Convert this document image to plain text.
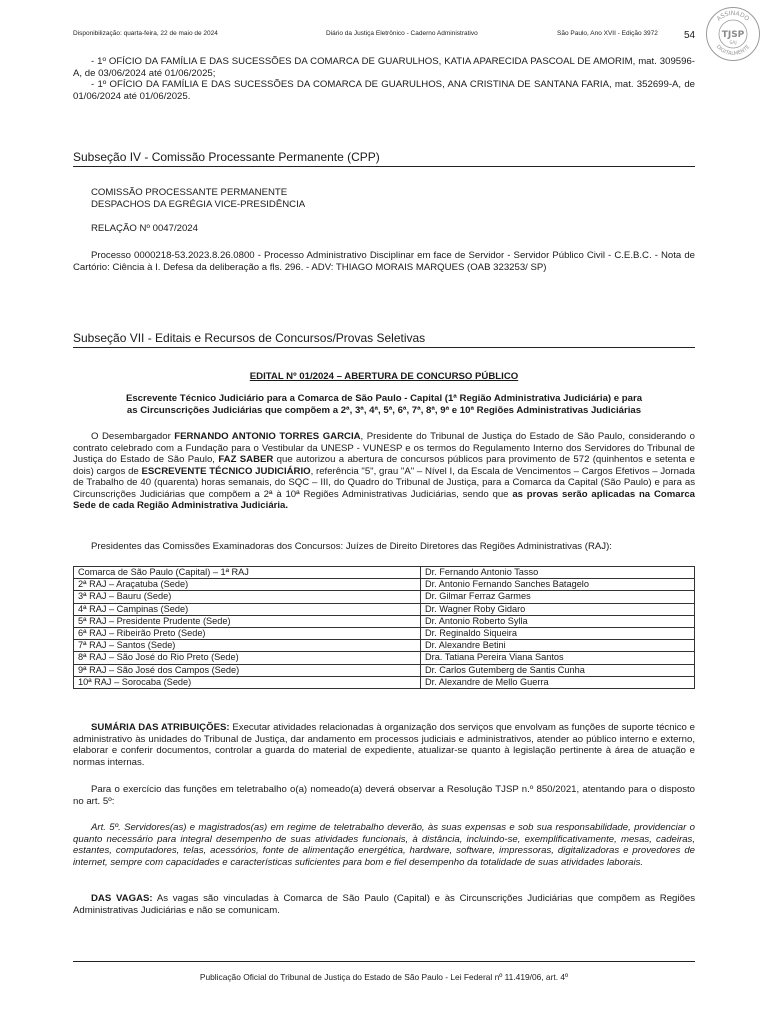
Disponibilização: quarta-feira, 22 de maio de 2024	Diário da Justiça Eletrônico - Caderno Administrativo	São Paulo, Ano XVII - Edição 3972	54

- 1º OFÍCIO DA FAMÍLIA E DAS SUCESSÕES DA COMARCA DE GUARULHOS, KATIA APARECIDA PASCOAL DE AMORIM, mat. 309596-A, de 03/06/2024 até 01/06/2025;

- 1º OFÍCIO DA FAMÍLIA E DAS SUCESSÕES DA COMARCA DE GUARULHOS, ANA CRISTINA DE SANTANA FARIA, mat. 352699-A, de 01/06/2024 até 01/06/2025.

Subseção IV - Comissão Processante Permanente (CPP)

COMISSÃO PROCESSANTE PERMANENTE

DESPACHOS DA EGRÉGIA VICE-PRESIDÊNCIA

RELAÇÃO Nº 0047/2024

Processo 0000218-53.2023.8.26.0800 - Processo Administrativo Disciplinar em face de Servidor - Servidor Público Civil - C.E.B.C. - Nota de Cartório: Ciência à I. Defesa da deliberação a fls. 296. - ADV: THIAGO MORAIS MARQUES (OAB 323253/ SP)

Subseção VII - Editais e Recursos de Concursos/Provas Seletivas

EDITAL Nº 01/2024 – ABERTURA DE CONCURSO PÚBLICO

Escrevente Técnico Judiciário para a Comarca de São Paulo - Capital (1ª Região Administrativa Judiciária) e para

as Circunscrições Judiciárias que compõem a 2ª, 3ª, 4ª, 5ª, 6ª, 7ª, 8ª, 9ª e 10ª Regiões Administrativas Judiciárias

O Desembargador FERNANDO ANTONIO TORRES GARCIA, Presidente do Tribunal de Justiça do Estado de São Paulo, considerando o contrato celebrado com a Fundação para o Vestibular da UNESP - VUNESP e os termos do Regulamento Interno dos Servidores do Tribunal de Justiça do Estado de São Paulo, FAZ SABER que autorizou a abertura de concursos públicos para provimento de 572 (quinhentos e setenta e dois) cargos de ESCREVENTE TÉCNICO JUDICIÁRIO, referência "5", grau "A" – Nível I, da Escala de Vencimentos – Cargos Efetivos – Jornada de Trabalho de 40 (quarenta) horas semanais, do SQC – III, do Quadro do Tribunal de Justiça, para a Comarca da Capital (São Paulo) e para as Circunscrições Judiciárias que compõem a 2ª à 10ª Regiões Administrativas Judiciárias, sendo que as provas serão aplicadas na Comarca Sede de cada Região Administrativa Judiciária.

Presidentes das Comissões Examinadoras dos Concursos: Juízes de Direito Diretores das Regiões Administrativas (RAJ):

Comarca de São Paulo (Capital) – 1ª RAJ	Dr. Fernando Antonio Tasso
2ª RAJ – Araçatuba (Sede)	Dr. Antonio Fernando Sanches Batagelo
3ª RAJ – Bauru (Sede)	Dr. Gilmar Ferraz Garmes
4ª RAJ – Campinas (Sede)	Dr. Wagner Roby Gidaro
5ª RAJ – Presidente Prudente (Sede)	Dr. Antonio Roberto Sylla
6ª RAJ – Ribeirão Preto (Sede)	Dr. Reginaldo Siqueira
7ª RAJ – Santos (Sede)	Dr. Alexandre Betini
8ª RAJ – São José do Rio Preto (Sede)	Dra. Tatiana Pereira Viana Santos
9ª RAJ – São José dos Campos (Sede)	Dr. Carlos Gutemberg de Santis Cunha
10ª RAJ – Sorocaba (Sede)	Dr. Alexandre de Mello Guerra

SUMÁRIA DAS ATRIBUIÇÕES: Executar atividades relacionadas à organização dos serviços que envolvam as funções de suporte técnico e administrativo às unidades do Tribunal de Justiça, dar andamento em processos judiciais e administrativos, atender ao público interno e externo, elaborar e conferir documentos, controlar a guarda do material de expediente, atualizar-se quanto à legislação pertinente à área de atuação e normas internas.

Para o exercício das funções em teletrabalho o(a) nomeado(a) deverá observar a Resolução TJSP n.º 850/2021, atentando para o disposto no art. 5º:

Art. 5º. Servidores(as) e magistrados(as) em regime de teletrabalho deverão, às suas expensas e sob sua responsabilidade, providenciar o quanto necessário para integral desempenho de suas atividades funcionais, à distância, incluindo-se, exemplificativamente, mesas, cadeiras, estantes, computadores, telas, acessórios, fonte de alimentação energética, hardware, software, impressoras, digitalizadoras e provedores de internet, sempre com capacidades e características suficientes para bom e fiel desempenho da totalidade de suas atividades laborais.

DAS VAGAS: As vagas são vinculadas à Comarca de São Paulo (Capital) e às Circunscrições Judiciárias que compõem as Regiões Administrativas Judiciárias e não se comunicam.

Publicação Oficial do Tribunal de Justiça do Estado de São Paulo - Lei Federal nº 11.419/06, art. 4º
ASSINADO
DIGITALMENTE
TJSP
SAJ
